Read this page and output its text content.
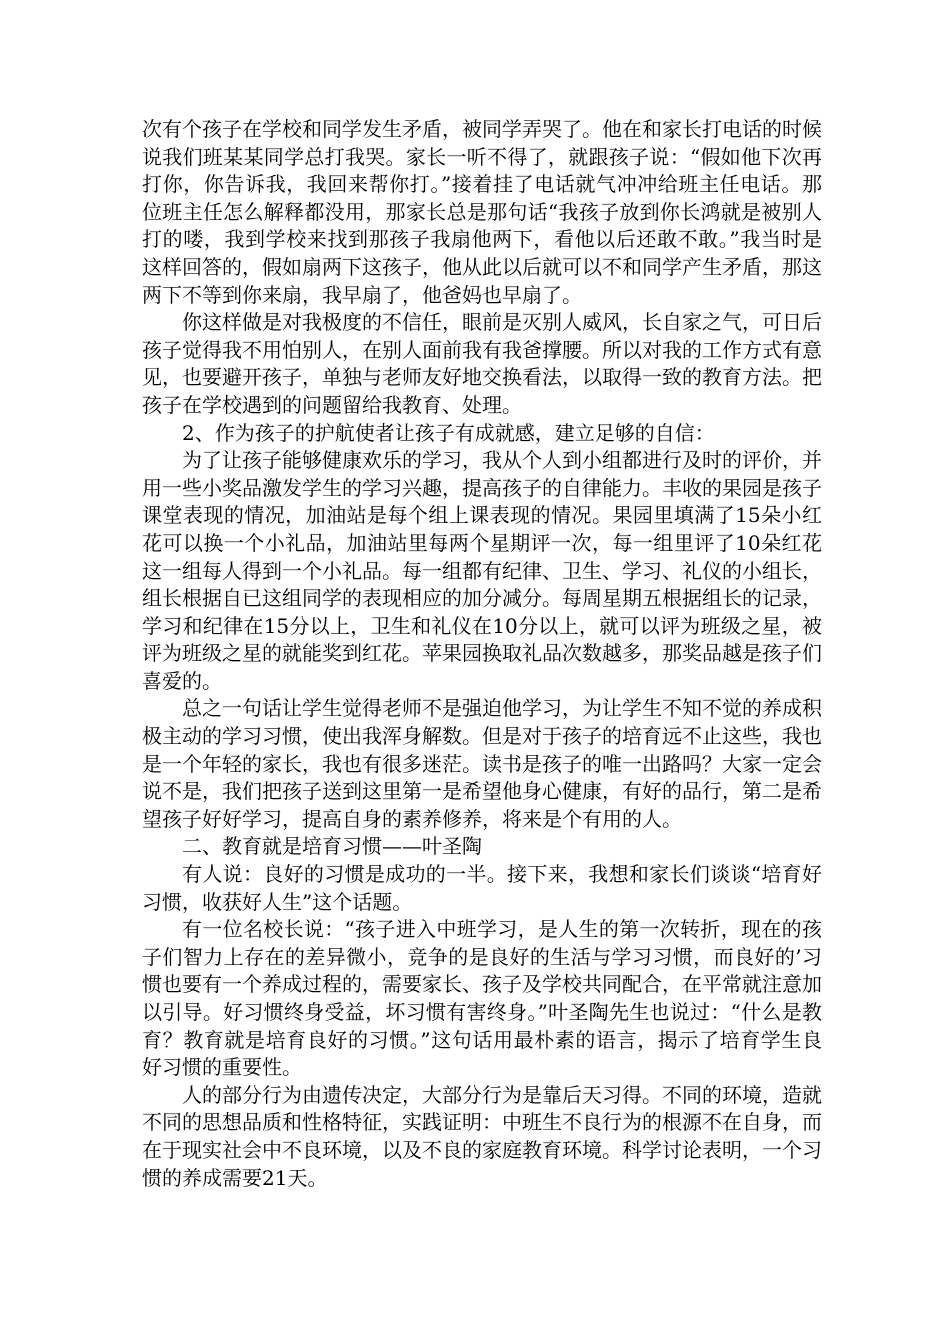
次有个孩子在学校和同学发生矛盾，被同学弄哭了。他在和家长打电话的时候说我们班某某同学总打我哭。家长一听不得了，就跟孩子说：“假如他下次再打你，你告诉我，我回来帮你打。”接着挂了电话就气冲冲给班主任电话。那位班主任怎么解释都没用，那家长总是那句话“我孩子放到你长鸿就是被别人打的喽，我到学校来找到那孩子我扇他两下，看他以后还敢不敢。”我当时是这样回答的，假如扇两下这孩子，他从此以后就可以不和同学产生矛盾，那这两下不等到你来扇，我早扇了，他爸妈也早扇了。

你这样做是对我极度的不信任，眼前是灭别人威风，长自家之气，可日后孩子觉得我不用怕别人，在别人面前我有我爸撑腰。所以对我的工作方式有意见，也要避开孩子，单独与老师友好地交换看法，以取得一致的教育方法。把孩子在学校遇到的问题留给我教育、处理。

2、作为孩子的护航使者让孩子有成就感，建立足够的自信：

为了让孩子能够健康欢乐的学习，我从个人到小组都进行及时的评价，并用一些小奖品激发学生的学习兴趣，提高孩子的自律能力。丰收的果园是孩子课堂表现的情况，加油站是每个组上课表现的情况。果园里填满了15朵小红花可以换一个小礼品，加油站里每两个星期评一次，每一组里评了10朵红花这一组每人得到一个小礼品。每一组都有纪律、卫生、学习、礼仪的小组长，组长根据自已这组同学的表现相应的加分减分。每周星期五根据组长的记录，学习和纪律在15分以上，卫生和礼仪在10分以上，就可以评为班级之星，被评为班级之星的就能奖到红花。苹果园换取礼品次数越多，那奖品越是孩子们喜爱的。

总之一句话让学生觉得老师不是强迫他学习，为让学生不知不觉的养成积极主动的学习习惯，使出我浑身解数。但是对于孩子的培育远不止这些，我也是一个年轻的家长，我也有很多迷茫。读书是孩子的唯一出路吗？大家一定会说不是，我们把孩子送到这里第一是希望他身心健康，有好的品行，第二是希望孩子好好学习，提高自身的素养修养，将来是个有用的人。

二、教育就是培育习惯——叶圣陶

有人说：良好的习惯是成功的一半。接下来，我想和家长们谈谈“培育好习惯，收获好人生”这个话题。

有一位名校长说：“孩子进入中班学习，是人生的第一次转折，现在的孩子们智力上存在的差异微小，竞争的是良好的生活与学习习惯，而良好的’习惯也要有一个养成过程的，需要家长、孩子及学校共同配合，在平常就注意加以引导。好习惯终身受益，坏习惯有害终身。”叶圣陶先生也说过：“什么是教育？教育就是培育良好的习惯。”这句话用最朴素的语言，揭示了培育学生良好习惯的重要性。

人的部分行为由遗传决定，大部分行为是靠后天习得。不同的环境，造就不同的思想品质和性格特征，实践证明：中班生不良行为的根源不在自身，而在于现实社会中不良环境，以及不良的家庭教育环境。科学讨论表明，一个习惯的养成需要21天。
